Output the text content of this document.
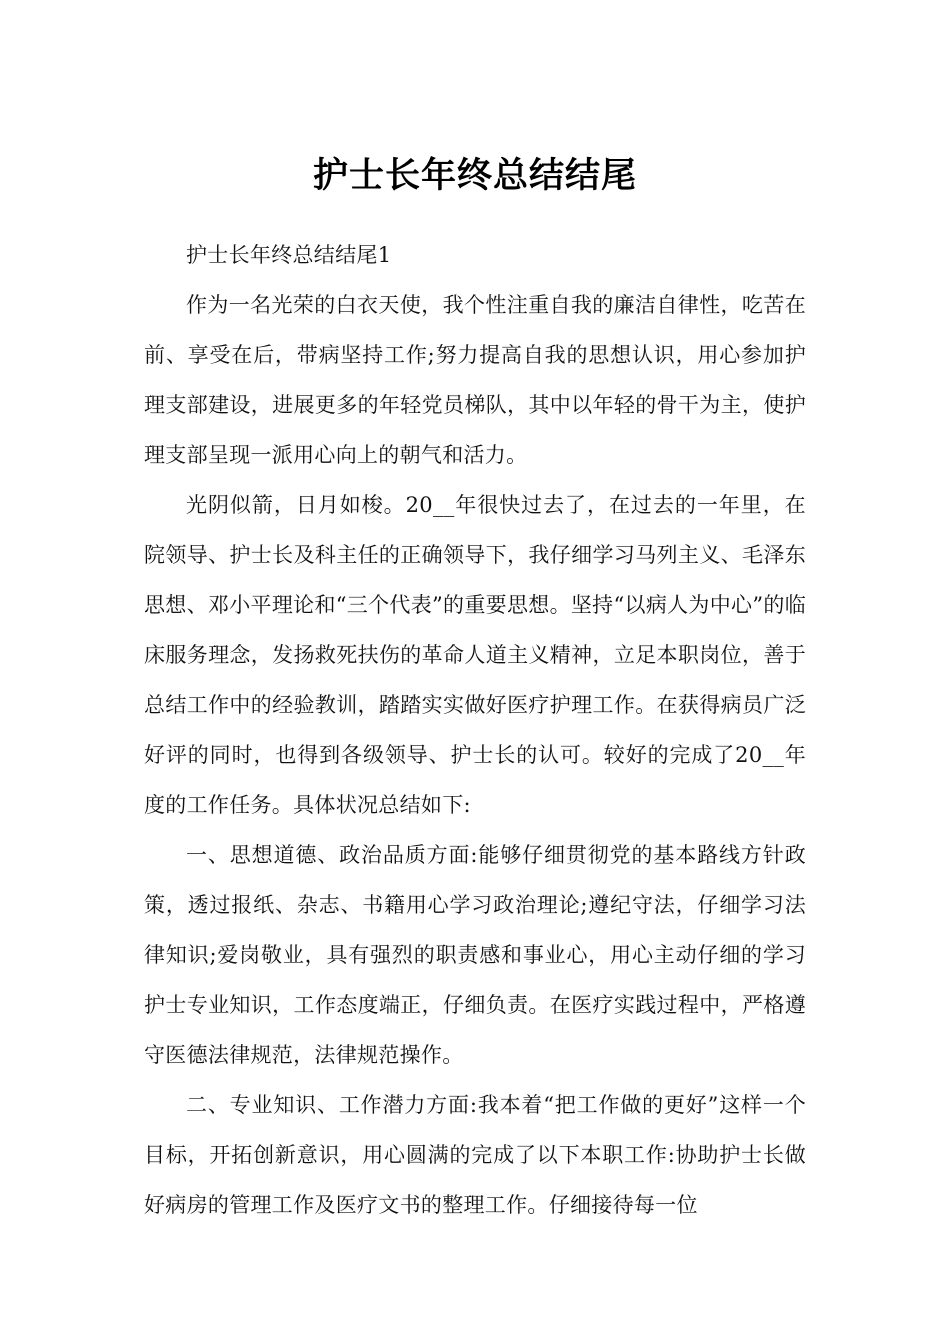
护士长年终总结结尾

护士长年终总结结尾1

作为一名光荣的白衣天使，我个性注重自我的廉洁自律性，吃苦在前、享受在后，带病坚持工作;努力提高自我的思想认识，用心参加护理支部建设，进展更多的年轻党员梯队，其中以年轻的骨干为主，使护理支部呈现一派用心向上的朝气和活力。

光阴似箭，日月如梭。20__年很快过去了，在过去的一年里，在院领导、护士长及科主任的正确领导下，我仔细学习马列主义、毛泽东思想、邓小平理论和“三个代表”的重要思想。坚持“以病人为中心”的临床服务理念，发扬救死扶伤的革命人道主义精神，立足本职岗位，善于总结工作中的经验教训，踏踏实实做好医疗护理工作。在获得病员广泛好评的同时，也得到各级领导、护士长的认可。较好的完成了20__年度的工作任务。具体状况总结如下:

一、思想道德、政治品质方面:能够仔细贯彻党的基本路线方针政策，透过报纸、杂志、书籍用心学习政治理论;遵纪守法，仔细学习法律知识;爱岗敬业，具有强烈的职责感和事业心，用心主动仔细的学习护士专业知识，工作态度端正，仔细负责。在医疗实践过程中，严格遵守医德法律规范，法律规范操作。

二、专业知识、工作潜力方面:我本着“把工作做的更好”这样一个目标，开拓创新意识，用心圆满的完成了以下本职工作:协助护士长做好病房的管理工作及医疗文书的整理工作。仔细接待每一位
